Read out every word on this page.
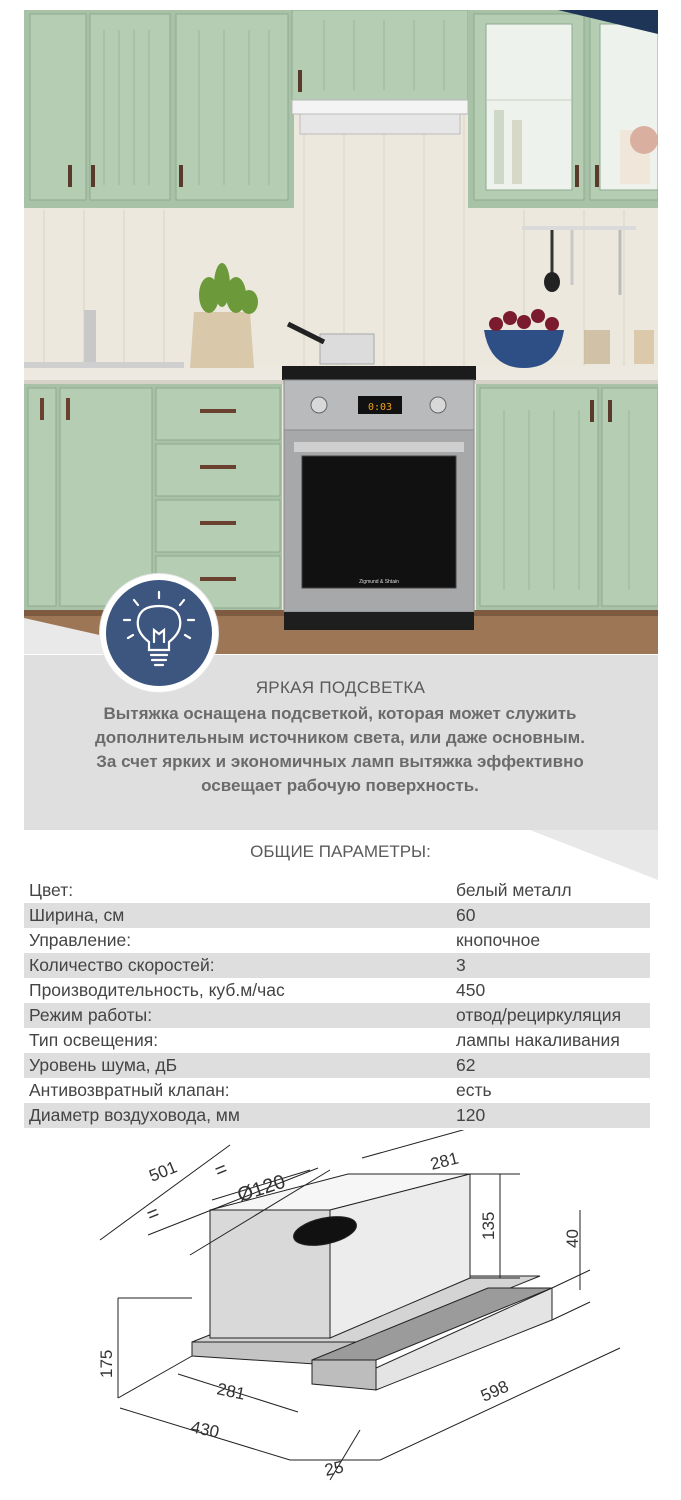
0:03
Zigmund & Shtain
ЯРКАЯ ПОДСВЕТКА
Вытяжка оснащена подсветкой, которая может служить
дополнительным источником света, или даже основным.
За счет ярких и экономичных ламп вытяжка эффективно
освещает рабочую поверхность.
ОБЩИЕ ПАРАМЕТРЫ:
Цвет:	белый металл
Ширина, см	60
Управление:	кнопочное
Количество скоростей:	3
Производительность, куб.м/час	450
Режим работы:	отвод/рециркуляция
Тип освещения:	лампы накаливания
Уровень шума, дБ	62
Антивозвратный клапан:	есть
Диаметр воздуховода, мм	120
501
=
=
Ø120
281
135	40
175
281	598
430
25
